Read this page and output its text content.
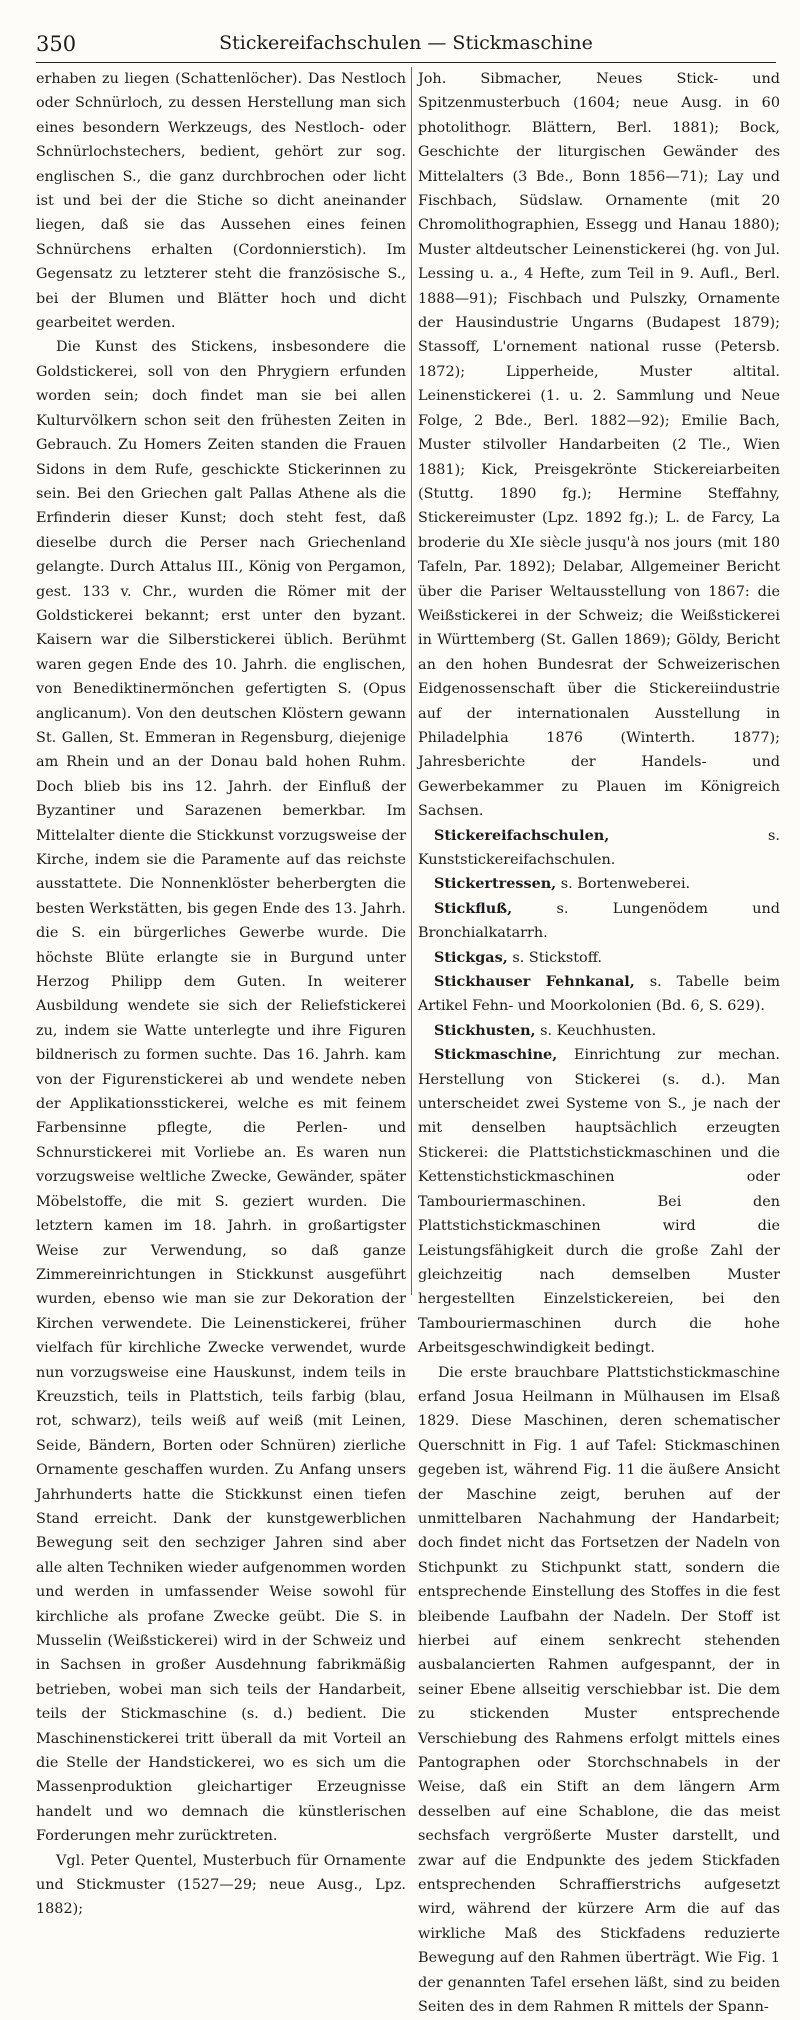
350	Stickereifachschulen — Stickmaschine

erhaben zu liegen (Schattenlöcher). Das Nestloch oder Schnürloch, zu dessen Herstellung man sich eines besondern Werkzeugs, des Nestloch- oder Schnürlochstechers, bedient, gehört zur sog. englischen S., die ganz durchbrochen oder licht ist und bei der die Stiche so dicht aneinander liegen, daß sie das Aussehen eines feinen Schnürchens erhalten (Cordonnierstich). Im Gegensatz zu letzterer steht die französische S., bei der Blumen und Blätter hoch und dicht gearbeitet werden.

Die Kunst des Stickens, insbesondere die Goldstickerei, soll von den Phrygiern erfunden worden sein; doch findet man sie bei allen Kulturvölkern schon seit den frühesten Zeiten in Gebrauch. Zu Homers Zeiten standen die Frauen Sidons in dem Rufe, geschickte Stickerinnen zu sein. Bei den Griechen galt Pallas Athene als die Erfinderin dieser Kunst; doch steht fest, daß dieselbe durch die Perser nach Griechenland gelangte. Durch Attalus III., König von Pergamon, gest. 133 v. Chr., wurden die Römer mit der Goldstickerei bekannt; erst unter den byzant. Kaisern war die Silberstickerei üblich. Berühmt waren gegen Ende des 10. Jahrh. die englischen, von Benediktinermönchen gefertigten S. (Opus anglicanum). Von den deutschen Klöstern gewann St. Gallen, St. Emmeran in Regensburg, diejenige am Rhein und an der Donau bald hohen Ruhm. Doch blieb bis ins 12. Jahrh. der Einfluß der Byzantiner und Sarazenen bemerkbar. Im Mittelalter diente die Stickkunst vorzugsweise der Kirche, indem sie die Paramente auf das reichste ausstattete. Die Nonnenklöster beherbergten die besten Werkstätten, bis gegen Ende des 13. Jahrh. die S. ein bürgerliches Gewerbe wurde. Die höchste Blüte erlangte sie in Burgund unter Herzog Philipp dem Guten. In weiterer Ausbildung wendete sie sich der Reliefstickerei zu, indem sie Watte unterlegte und ihre Figuren bildnerisch zu formen suchte. Das 16. Jahrh. kam von der Figurenstickerei ab und wendete neben der Applikationsstickerei, welche es mit feinem Farbensinne pflegte, die Perlen- und Schnurstickerei mit Vorliebe an. Es waren nun vorzugsweise weltliche Zwecke, Gewänder, später Möbelstoffe, die mit S. geziert wurden. Die letztern kamen im 18. Jahrh. in großartigster Weise zur Verwendung, so daß ganze Zimmereinrichtungen in Stickkunst ausgeführt wurden, ebenso wie man sie zur Dekoration der Kirchen verwendete. Die Leinenstickerei, früher vielfach für kirchliche Zwecke verwendet, wurde nun vorzugsweise eine Hauskunst, indem teils in Kreuzstich, teils in Plattstich, teils farbig (blau, rot, schwarz), teils weiß auf weiß (mit Leinen, Seide, Bändern, Borten oder Schnüren) zierliche Ornamente geschaffen wurden. Zu Anfang unsers Jahrhunderts hatte die Stickkunst einen tiefen Stand erreicht. Dank der kunstgewerblichen Bewegung seit den sechziger Jahren sind aber alle alten Techniken wieder aufgenommen worden und werden in umfassender Weise sowohl für kirchliche als profane Zwecke geübt. Die S. in Musselin (Weißstickerei) wird in der Schweiz und in Sachsen in großer Ausdehnung fabrikmäßig betrieben, wobei man sich teils der Handarbeit, teils der Stickmaschine (s. d.) bedient. Die Maschinenstickerei tritt überall da mit Vorteil an die Stelle der Handstickerei, wo es sich um die Massenproduktion gleichartiger Erzeugnisse handelt und wo demnach die künstlerischen Forderungen mehr zurücktreten.

Vgl. Peter Quentel, Musterbuch für Ornamente und Stickmuster (1527—29; neue Ausg., Lpz. 1882);

Joh. Sibmacher, Neues Stick- und Spitzenmusterbuch (1604; neue Ausg. in 60 photolithogr. Blättern, Berl. 1881); Bock, Geschichte der liturgischen Gewänder des Mittelalters (3 Bde., Bonn 1856—71); Lay und Fischbach, Südslaw. Ornamente (mit 20 Chromolithographien, Essegg und Hanau 1880); Muster altdeutscher Leinenstickerei (hg. von Jul. Lessing u. a., 4 Hefte, zum Teil in 9. Aufl., Berl. 1888—91); Fischbach und Pulszky, Ornamente der Hausindustrie Ungarns (Budapest 1879); Stassoff, L'ornement national russe (Petersb. 1872); Lipperheide, Muster altital. Leinenstickerei (1. u. 2. Sammlung und Neue Folge, 2 Bde., Berl. 1882—92); Emilie Bach, Muster stilvoller Handarbeiten (2 Tle., Wien 1881); Kick, Preisgekrönte Stickereiarbeiten (Stuttg. 1890 fg.); Hermine Steffahny, Stickereimuster (Lpz. 1892 fg.); L. de Farcy, La broderie du XIe siècle jusqu'à nos jours (mit 180 Tafeln, Par. 1892); Delabar, Allgemeiner Bericht über die Pariser Weltausstellung von 1867: die Weißstickerei in der Schweiz; die Weißstickerei in Württemberg (St. Gallen 1869); Göldy, Bericht an den hohen Bundesrat der Schweizerischen Eidgenossenschaft über die Stickereiindustrie auf der internationalen Ausstellung in Philadelphia 1876 (Winterth. 1877); Jahresberichte der Handels- und Gewerbekammer zu Plauen im Königreich Sachsen.

Stickereifachschulen, s. Kunststickereifachschulen.

Stickertressen, s. Bortenweberei.

Stickfluß, s. Lungenödem und Bronchialkatarrh.

Stickgas, s. Stickstoff.

Stickhauser Fehnkanal, s. Tabelle beim Artikel Fehn- und Moorkolonien (Bd. 6, S. 629).

Stickhusten, s. Keuchhusten.

Stickmaschine, Einrichtung zur mechan. Herstellung von Stickerei (s. d.). Man unterscheidet zwei Systeme von S., je nach der mit denselben hauptsächlich erzeugten Stickerei: die Plattstichstickmaschinen und die Kettenstichstickmaschinen oder Tambouriermaschinen. Bei den Plattstichstickmaschinen wird die Leistungsfähigkeit durch die große Zahl der gleichzeitig nach demselben Muster hergestellten Einzelstickereien, bei den Tambouriermaschinen durch die hohe Arbeitsgeschwindigkeit bedingt.

Die erste brauchbare Plattstichstickmaschine erfand Josua Heilmann in Mülhausen im Elsaß 1829. Diese Maschinen, deren schematischer Querschnitt in Fig. 1 auf Tafel: Stickmaschinen gegeben ist, während Fig. 11 die äußere Ansicht der Maschine zeigt, beruhen auf der unmittelbaren Nachahmung der Handarbeit; doch findet nicht das Fortsetzen der Nadeln von Stichpunkt zu Stichpunkt statt, sondern die entsprechende Einstellung des Stoffes in die fest bleibende Laufbahn der Nadeln. Der Stoff ist hierbei auf einem senkrecht stehenden ausbalancierten Rahmen aufgespannt, der in seiner Ebene allseitig verschiebbar ist. Die dem zu stickenden Muster entsprechende Verschiebung des Rahmens erfolgt mittels eines Pantographen oder Storchschnabels in der Weise, daß ein Stift an dem längern Arm desselben auf eine Schablone, die das meist sechsfach vergrößerte Muster darstellt, und zwar auf die Endpunkte des jedem Stickfaden entsprechenden Schraffierstrichs aufgesetzt wird, während der kürzere Arm die auf das wirkliche Maß des Stickfadens reduzierte Bewegung auf den Rahmen überträgt. Wie Fig. 1 der genannten Tafel ersehen läßt, sind zu beiden Seiten des in dem Rahmen R mittels der Spann-
